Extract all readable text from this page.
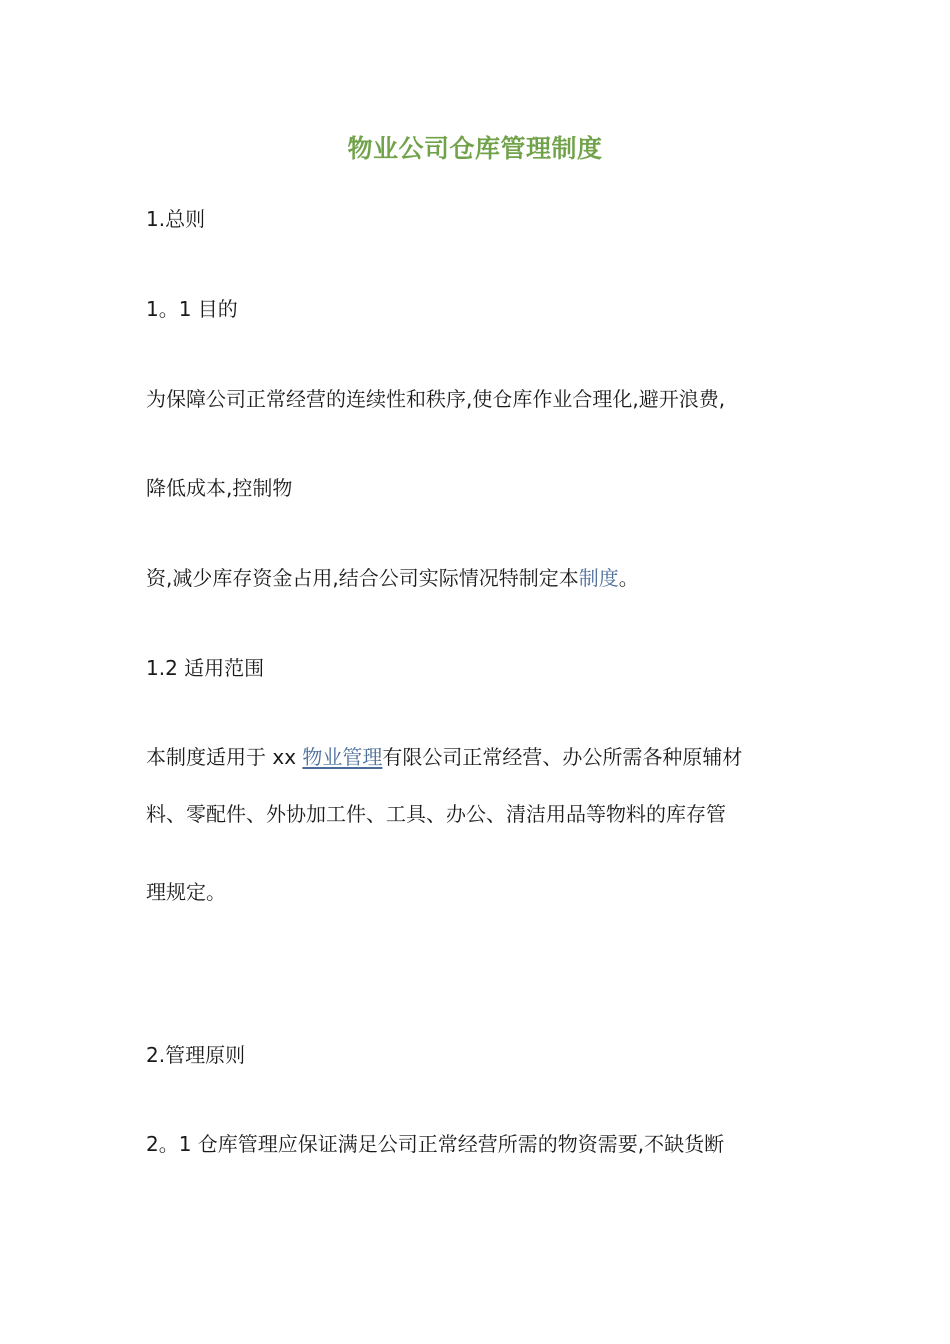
物业公司仓库管理制度
1.总则
1。1 目的
为保障公司正常经营的连续性和秩序,使仓库作业合理化,避开浪费,
降低成本,控制物
资,减少库存资金占用,结合公司实际情况特制定本制度。
1.2 适用范围
本制度适用于 xx 物业管理有限公司正常经营、办公所需各种原辅材
料、零配件、外协加工件、工具、办公、清洁用品等物料的库存管
理规定。
2.管理原则
2。1 仓库管理应保证满足公司正常经营所需的物资需要,不缺货断
